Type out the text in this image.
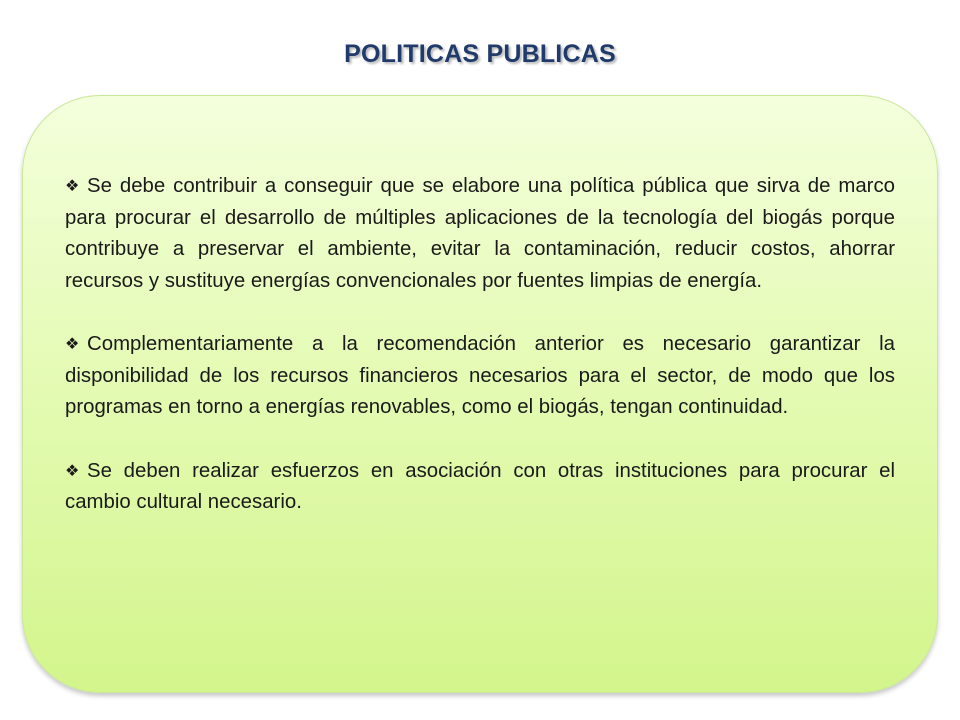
POLITICAS PUBLICAS
❖ Se debe contribuir a conseguir que se elabore una política pública que sirva de marco para procurar el desarrollo de múltiples aplicaciones de la tecnología del biogás porque contribuye a preservar el ambiente, evitar la contaminación, reducir costos, ahorrar recursos y sustituye energías convencionales por fuentes limpias de energía.
❖ Complementariamente a la recomendación anterior es necesario garantizar la disponibilidad de los recursos financieros necesarios para el sector, de modo que los programas en torno a energías renovables, como el biogás, tengan continuidad.
❖ Se deben realizar esfuerzos en asociación con otras instituciones para procurar el cambio cultural necesario.
